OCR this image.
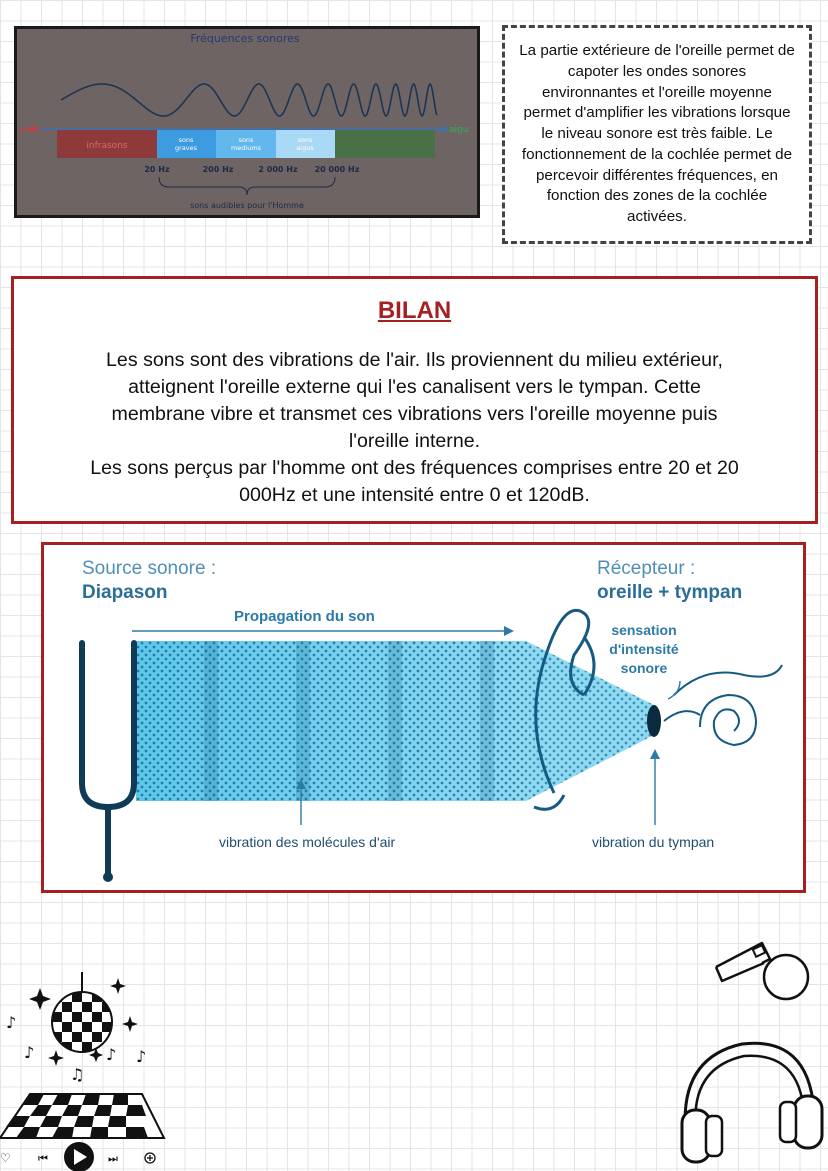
Fréquences sonores
grave	aigu
infrasons
sons graves
sons mediums
sons aigus
20 Hz	200 Hz	2 000 Hz 20 000 Hz
sons audibles pour l'Homme

La partie extérieure de l'oreille permet de capoter les ondes sonores environnantes et l'oreille moyenne permet d'amplifier les vibrations lorsque le niveau sonore est très faible. Le fonctionnement de la cochlée permet de percevoir différentes fréquences, en fonction des zones de la cochlée activées.

BILAN
Les sons sont des vibrations de l'air. Ils proviennent du milieu extérieur,
atteignent l'oreille externe qui l'es canalisent vers le tympan. Cette
membrane vibre et transmet ces vibrations vers l'oreille moyenne puis
l'oreille interne.
Les sons perçus par l'homme ont des fréquences comprises entre 20 et 20
000Hz et une intensité entre 0 et 120dB.
Source sonore :
Diapason
Récepteur :
oreille + tympan
Propagation du son
sensation
d'intensité
sonore
vibration des molécules d'air	vibration du tympan
♪
♪
♫
♪ ♪
♡ ⏮	⏭
